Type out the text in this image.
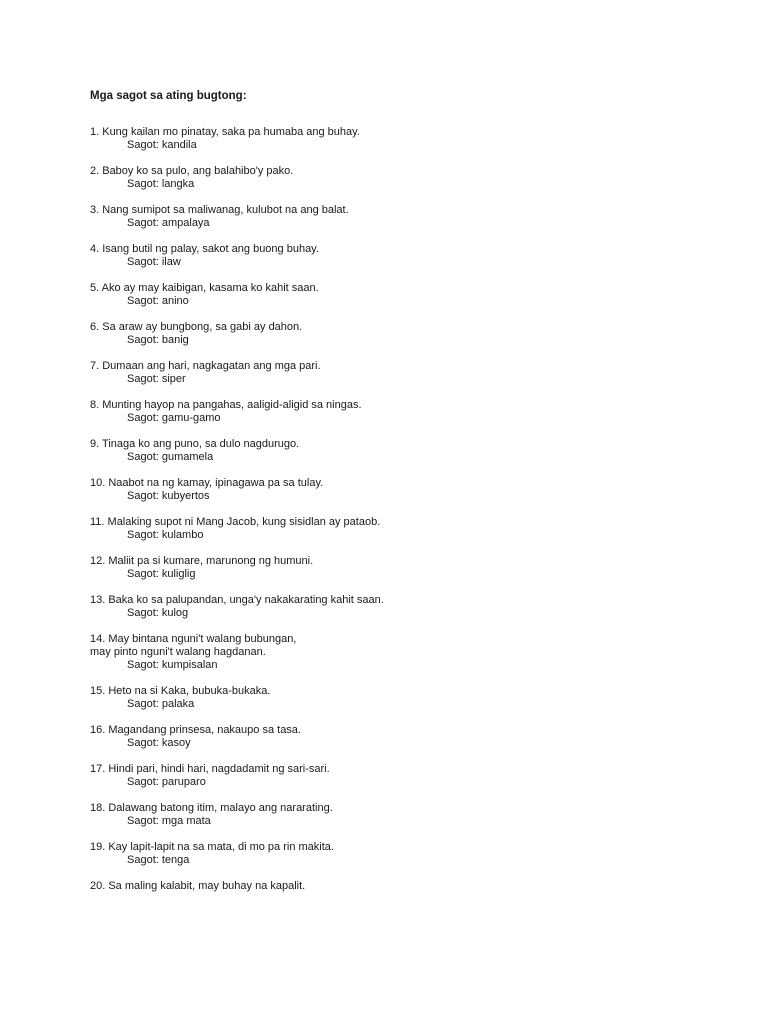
Mga sagot sa ating bugtong:
1. Kung kailan mo pinatay, saka pa humaba ang buhay.
Sagot: kandila
2. Baboy ko sa pulo, ang balahibo'y pako.
Sagot: langka
3. Nang sumipot sa maliwanag, kulubot na ang balat.
Sagot: ampalaya
4. Isang butil ng palay, sakot ang buong buhay.
Sagot: ilaw
5. Ako ay may kaibigan, kasama ko kahit saan.
Sagot: anino
6. Sa araw ay bungbong, sa gabi ay dahon.
Sagot: banig
7. Dumaan ang hari, nagkagatan ang mga pari.
Sagot: siper
8. Munting hayop na pangahas, aaligid-aligid sa ningas.
Sagot: gamu-gamo
9. Tinaga ko ang puno, sa dulo nagdurugo.
Sagot: gumamela
10. Naabot na ng kamay, ipinagawa pa sa tulay.
Sagot: kubyertos
11. Malaking supot ni Mang Jacob, kung sisidlan ay pataob.
Sagot: kulambo
12. Maliit pa si kumare, marunong ng humuni.
Sagot: kuliglig
13. Baka ko sa palupandan, unga'y nakakarating kahit saan.
Sagot: kulog
14. May bintana nguni't walang bubungan,
may pinto nguni't walang hagdanan.
Sagot: kumpisalan
15. Heto na si Kaka, bubuka-bukaka.
Sagot: palaka
16. Magandang prinsesa, nakaupo sa tasa.
Sagot: kasoy
17. Hindi pari, hindi hari, nagdadamit ng sari-sari.
Sagot: paruparo
18. Dalawang batong itim, malayo ang nararating.
Sagot: mga mata
19. Kay lapit-lapit na sa mata, di mo pa rin makita.
Sagot: tenga
20. Sa maling kalabit, may buhay na kapalit.
